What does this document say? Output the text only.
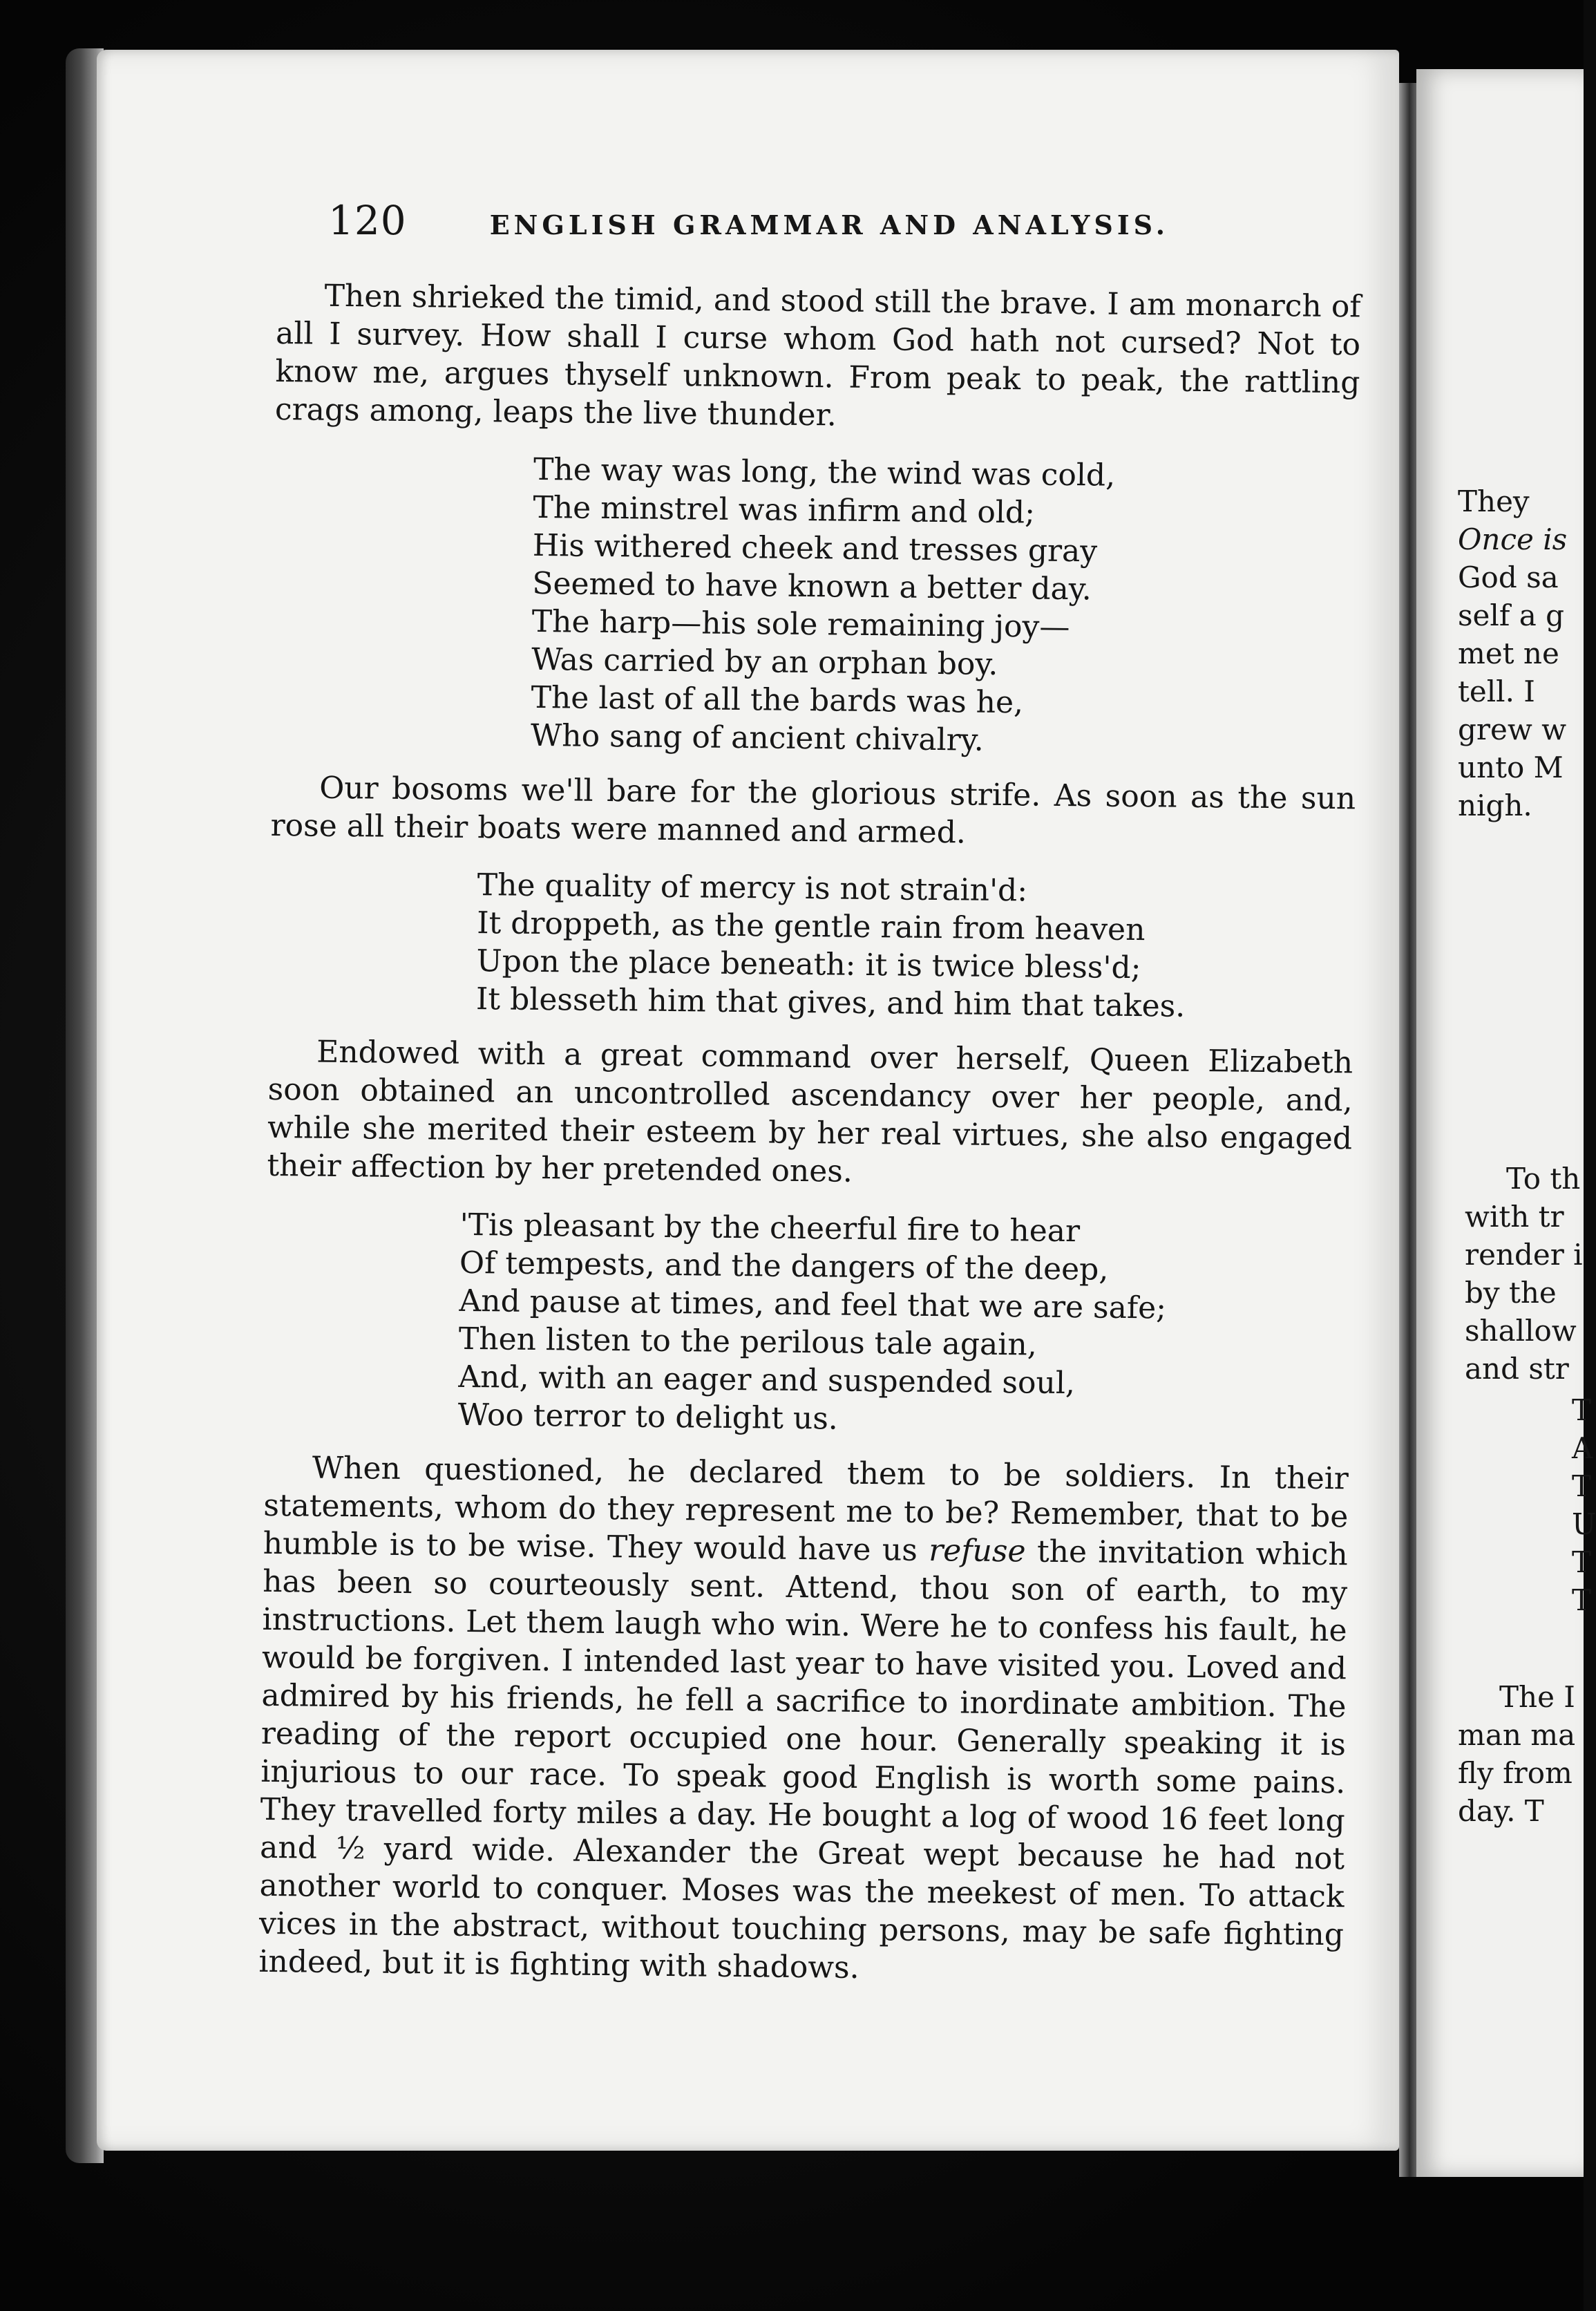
120	ENGLISH GRAMMAR AND ANALYSIS.

Then shrieked the timid, and stood still the brave. I am monarch of all I survey. How shall I curse whom God hath not cursed? Not to know me, argues thyself unknown. From peak to peak, the rattling crags among, leaps the live thunder.

The way was long, the wind was cold,
The minstrel was infirm and old;
His withered cheek and tresses gray
Seemed to have known a better day.
The harp—his sole remaining joy—
Was carried by an orphan boy.
The last of all the bards was he,
Who sang of ancient chivalry.

Our bosoms we'll bare for the glorious strife. As soon as the sun rose all their boats were manned and armed.

The quality of mercy is not strain'd:
It droppeth, as the gentle rain from heaven
Upon the place beneath: it is twice bless'd;
It blesseth him that gives, and him that takes.

Endowed with a great command over herself, Queen Elizabeth soon obtained an uncontrolled ascendancy over her people, and, while she merited their esteem by her real virtues, she also engaged their affection by her pretended ones.

'Tis pleasant by the cheerful fire to hear
Of tempests, and the dangers of the deep,
And pause at times, and feel that we are safe;
Then listen to the perilous tale again,
And, with an eager and suspended soul,
Woo terror to delight us.

When questioned, he declared them to be soldiers. In their statements, whom do they represent me to be? Remember, that to be humble is to be wise. They would have us refuse the invitation which has been so courteously sent. Attend, thou son of earth, to my instructions. Let them laugh who win. Were he to confess his fault, he would be forgiven. I intended last year to have visited you. Loved and admired by his friends, he fell a sacrifice to inordinate ambition. The reading of the report occupied one hour. Generally speaking it is injurious to our race. To speak good English is worth some pains. They travelled forty miles a day. He bought a log of wood 16 feet long and ½ yard wide. Alexander the Great wept because he had not another world to conquer. Moses was the meekest of men. To attack vices in the abstract, without touching persons, may be safe fighting indeed, but it is fighting with shadows.

They
Once is
God sa
self a g
met ne
tell. I
grew w
unto M
nigh.
To th
with tr
render i
by the
shallow
and str
T
A
T
U
T
T
The I
man ma
fly from
day. T
